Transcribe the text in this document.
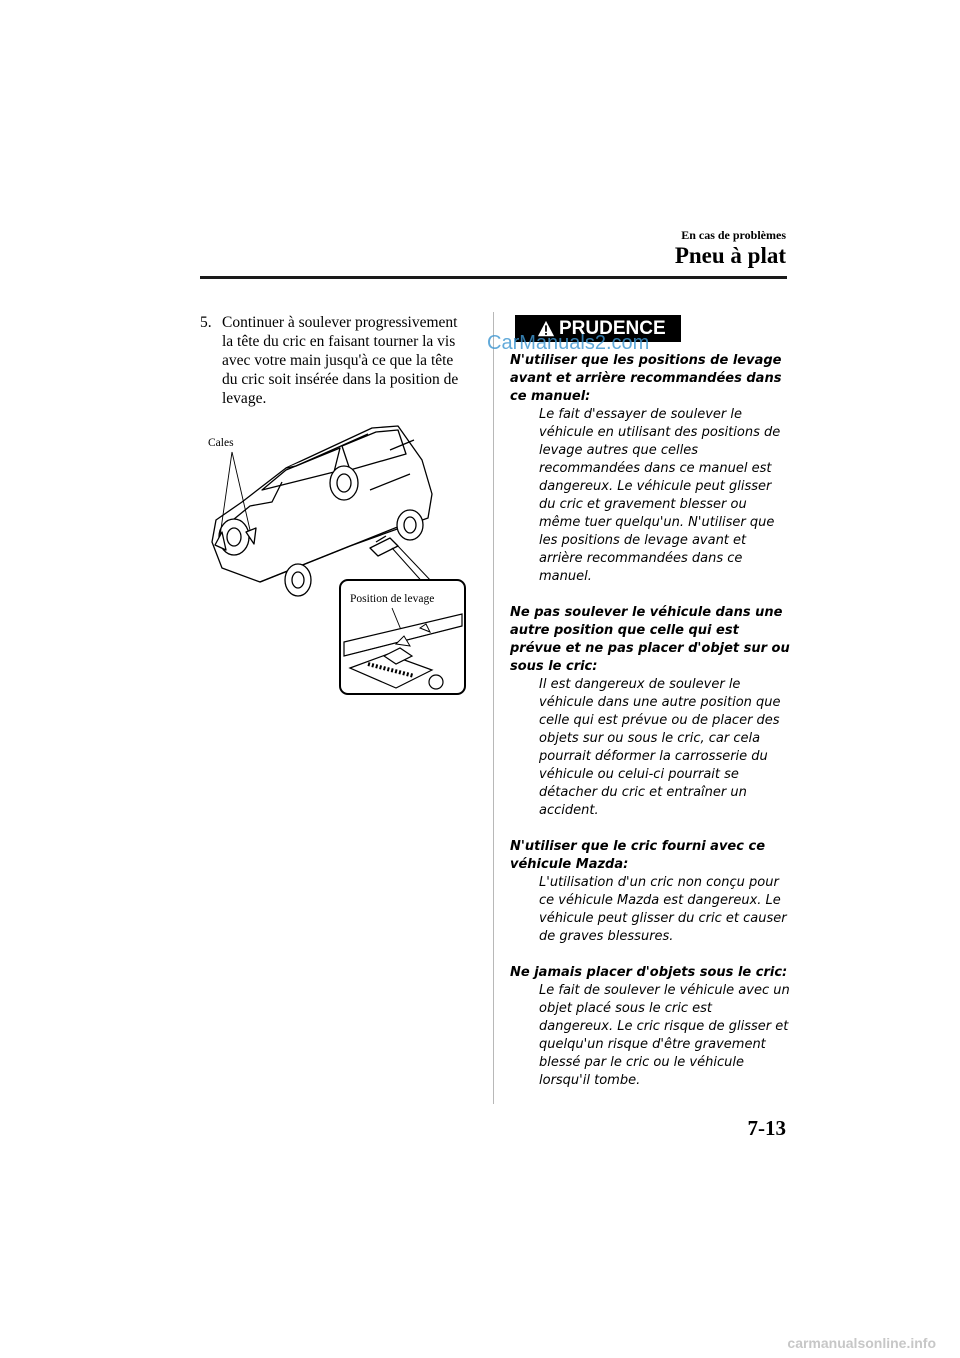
En cas de problèmes
Pneu à plat
5. Continuer à soulever progressivement la tête du cric en faisant tourner la vis avec votre main jusqu'à ce que la tête du cric soit insérée dans la position de levage.
Cales
Position de levage
PRUDENCE
CarManuals2.com
N'utiliser que les positions de levage avant et arrière recommandées dans ce manuel:
Le fait d'essayer de soulever le véhicule en utilisant des positions de levage autres que celles recommandées dans ce manuel est dangereux. Le véhicule peut glisser du cric et gravement blesser ou même tuer quelqu'un. N'utiliser que les positions de levage avant et arrière recommandées dans ce manuel.
Ne pas soulever le véhicule dans une autre position que celle qui est prévue et ne pas placer d'objet sur ou sous le cric:
Il est dangereux de soulever le véhicule dans une autre position que celle qui est prévue ou de placer des objets sur ou sous le cric, car cela pourrait déformer la carrosserie du véhicule ou celui-ci pourrait se détacher du cric et entraîner un accident.
N'utiliser que le cric fourni avec ce véhicule Mazda:
L'utilisation d'un cric non conçu pour ce véhicule Mazda est dangereux. Le véhicule peut glisser du cric et causer de graves blessures.
Ne jamais placer d'objets sous le cric:
Le fait de soulever le véhicule avec un objet placé sous le cric est dangereux. Le cric risque de glisser et quelqu'un risque d'être gravement blessé par le cric ou le véhicule lorsqu'il tombe.
7-13
carmanualsonline.info
